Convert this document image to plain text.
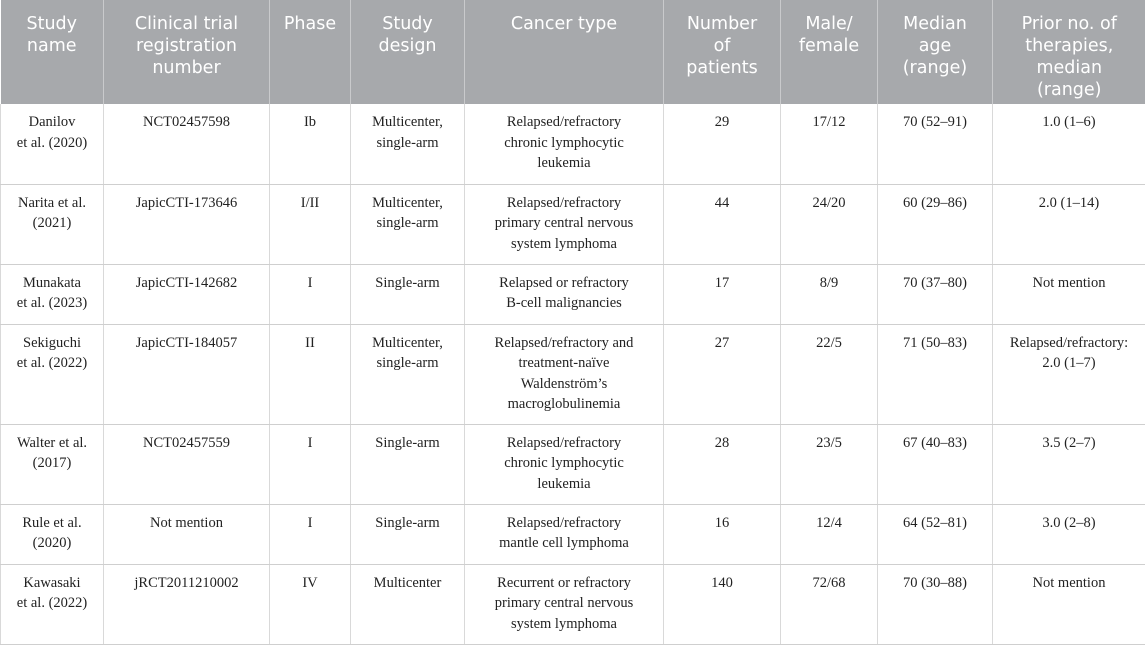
Study
name	Clinical trial
registration
number	Phase	Study
design	Cancer type	Number
of
patients	Male/
female	Median
age
(range)	Prior no. of
therapies,
median
(range)
Danilov
et al. (2020)	NCT02457598	Ib	Multicenter,
single-arm	Relapsed/refractory
chronic lymphocytic
leukemia	29	17/12	70 (52–91)	1.0 (1–6)
Narita et al.
(2021)	JapicCTI-173646	I/II	Multicenter,
single-arm	Relapsed/refractory
primary central nervous
system lymphoma	44	24/20	60 (29–86)	2.0 (1–14)
Munakata
et al. (2023)	JapicCTI-142682	I	Single-arm	Relapsed or refractory
B-cell malignancies	17	8/9	70 (37–80)	Not mention
Sekiguchi
et al. (2022)	JapicCTI-184057	II	Multicenter,
single-arm	Relapsed/refractory and
treatment-naïve
Waldenström’s
macroglobulinemia	27	22/5	71 (50–83)	Relapsed/refractory:
2.0 (1–7)
Walter et al.
(2017)	NCT02457559	I	Single-arm	Relapsed/refractory
chronic lymphocytic
leukemia	28	23/5	67 (40–83)	3.5 (2–7)
Rule et al.
(2020)	Not mention	I	Single-arm	Relapsed/refractory
mantle cell lymphoma	16	12/4	64 (52–81)	3.0 (2–8)
Kawasaki
et al. (2022)	jRCT2011210002	IV	Multicenter	Recurrent or refractory
primary central nervous
system lymphoma	140	72/68	70 (30–88)	Not mention
